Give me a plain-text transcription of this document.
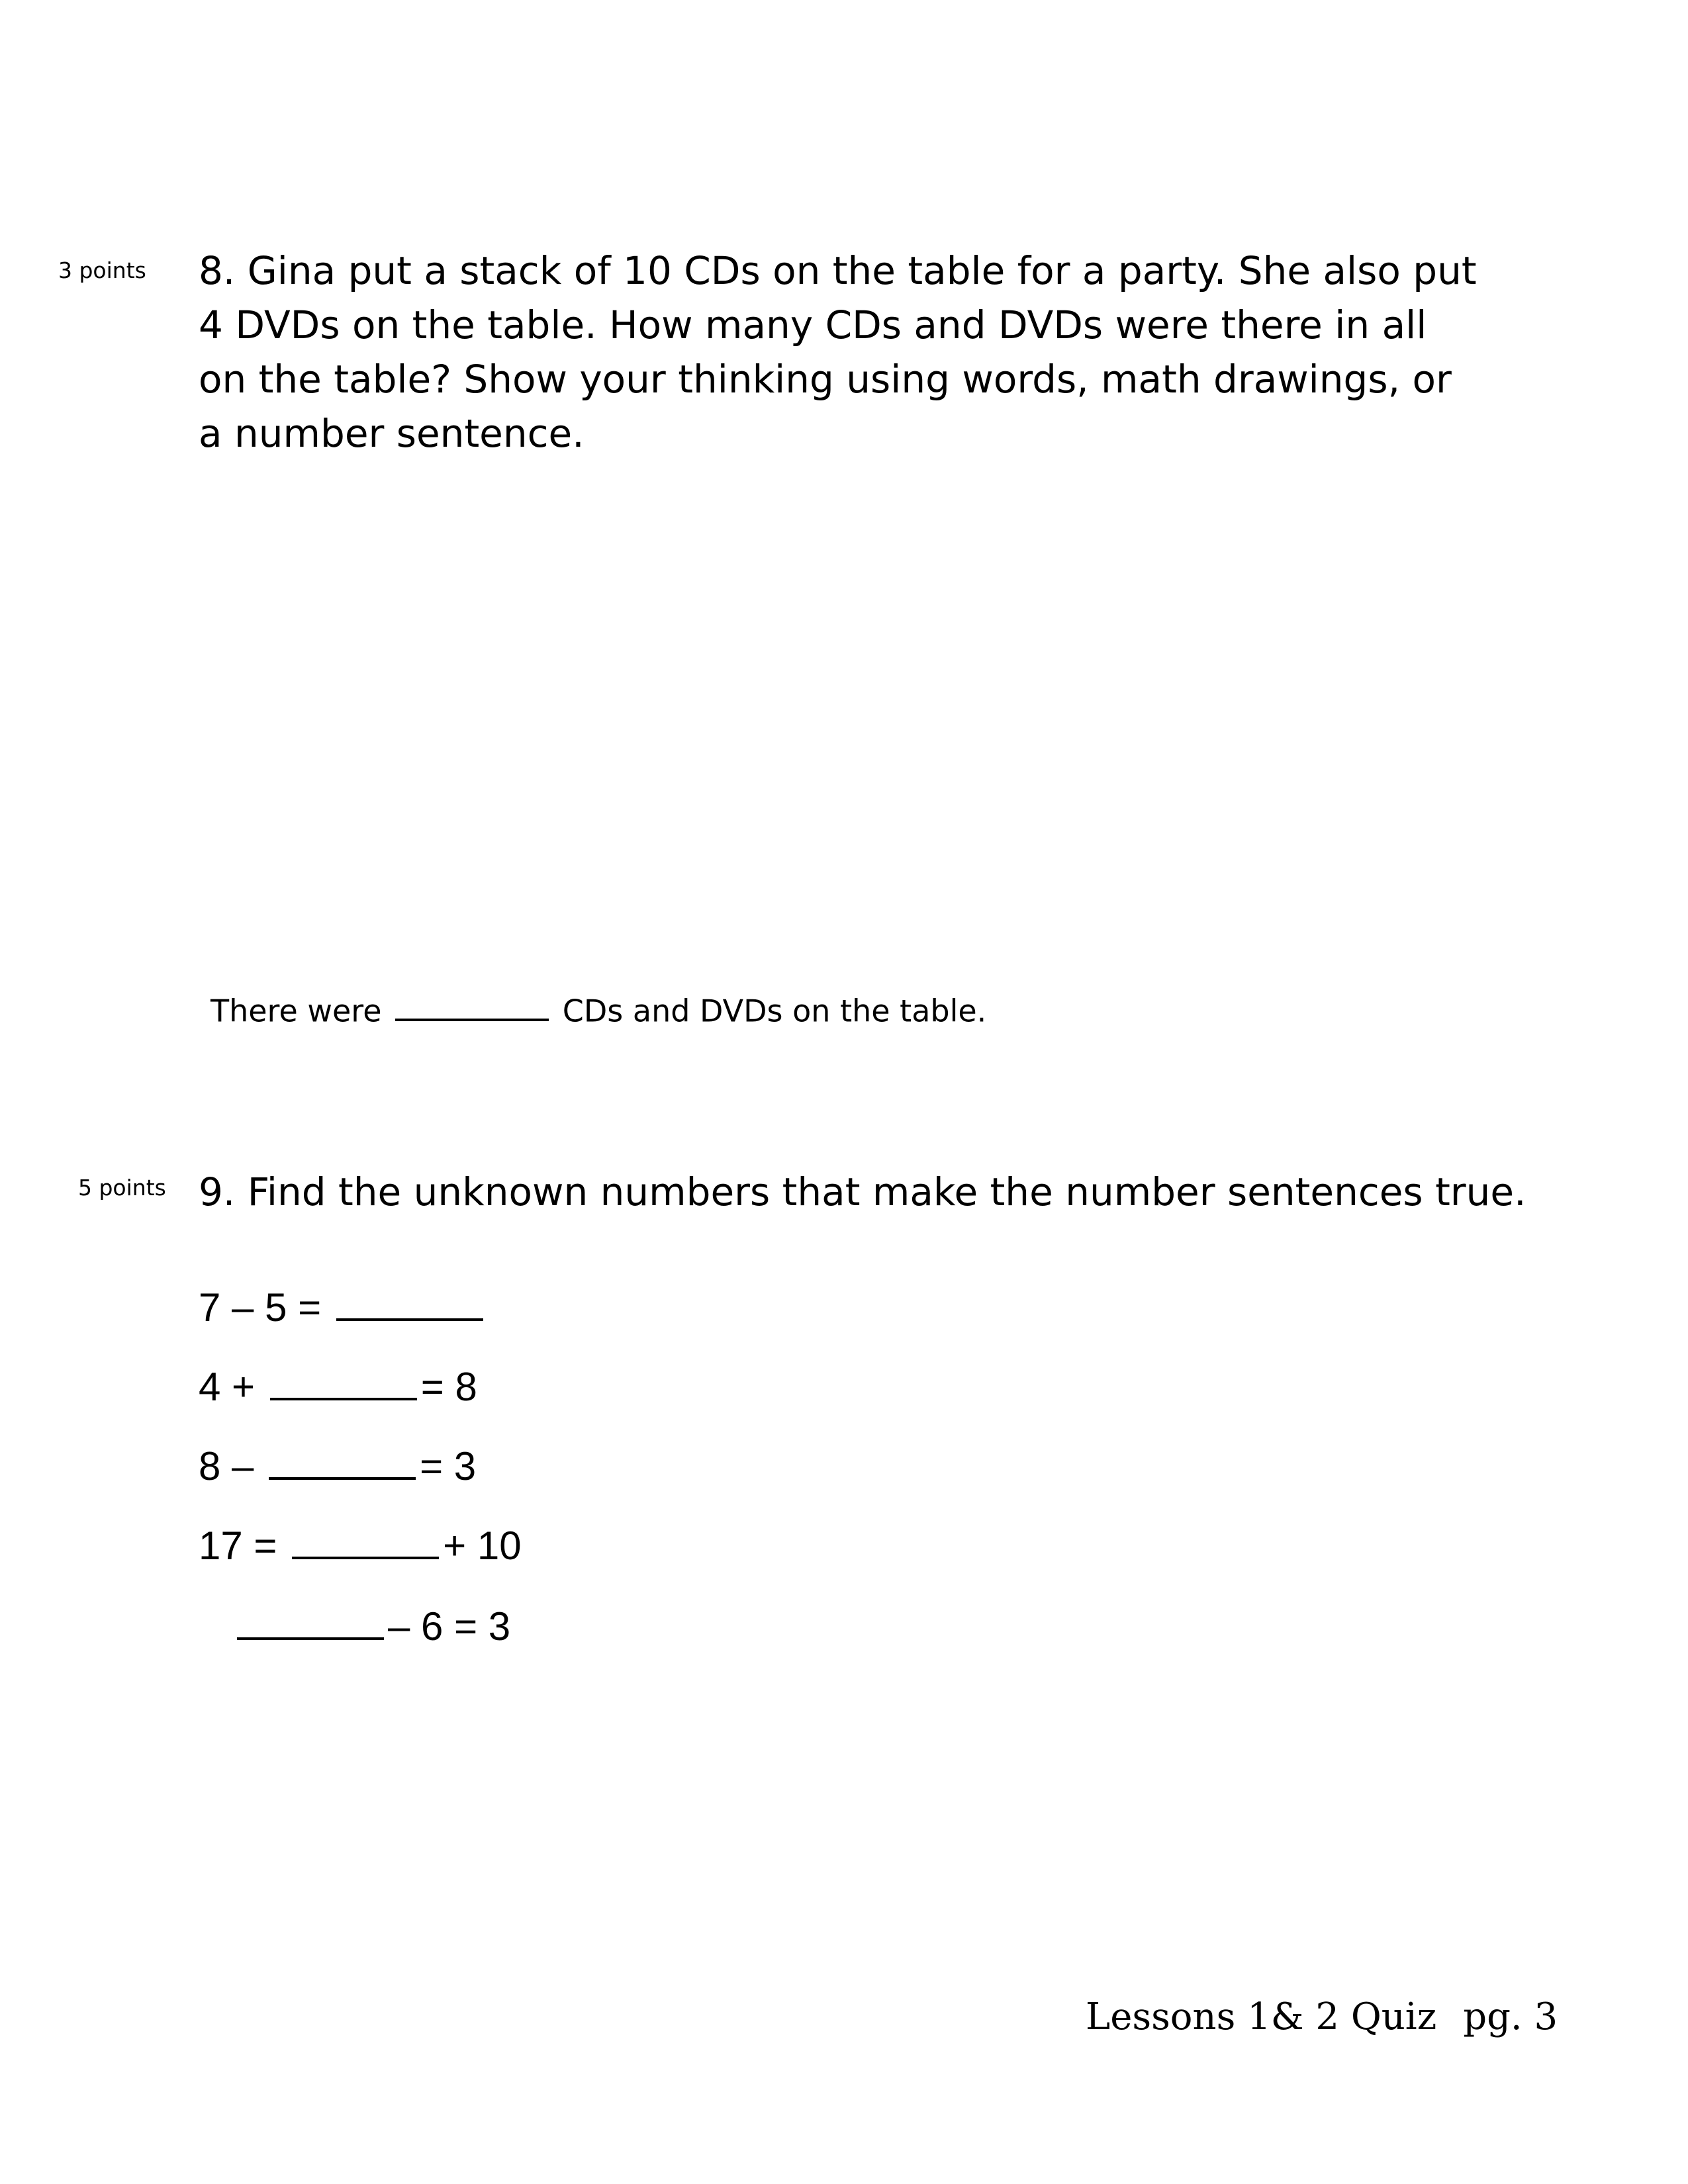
3 points 8. Gina put a stack of 10 CDs on the table for a party. She also put 4 DVDs on the table. How many CDs and DVDs were there in all on the table? Show your thinking using words, math drawings, or a number sentence.

There were	CDs and DVDs on the table.
5 points 9. Find the unknown numbers that make the number sentences true.

7 – 5 =
4 +	= 8
8 –	= 3
17 =	+ 10
– 6 = 3
Lessons 1& 2 Quiz pg. 3
